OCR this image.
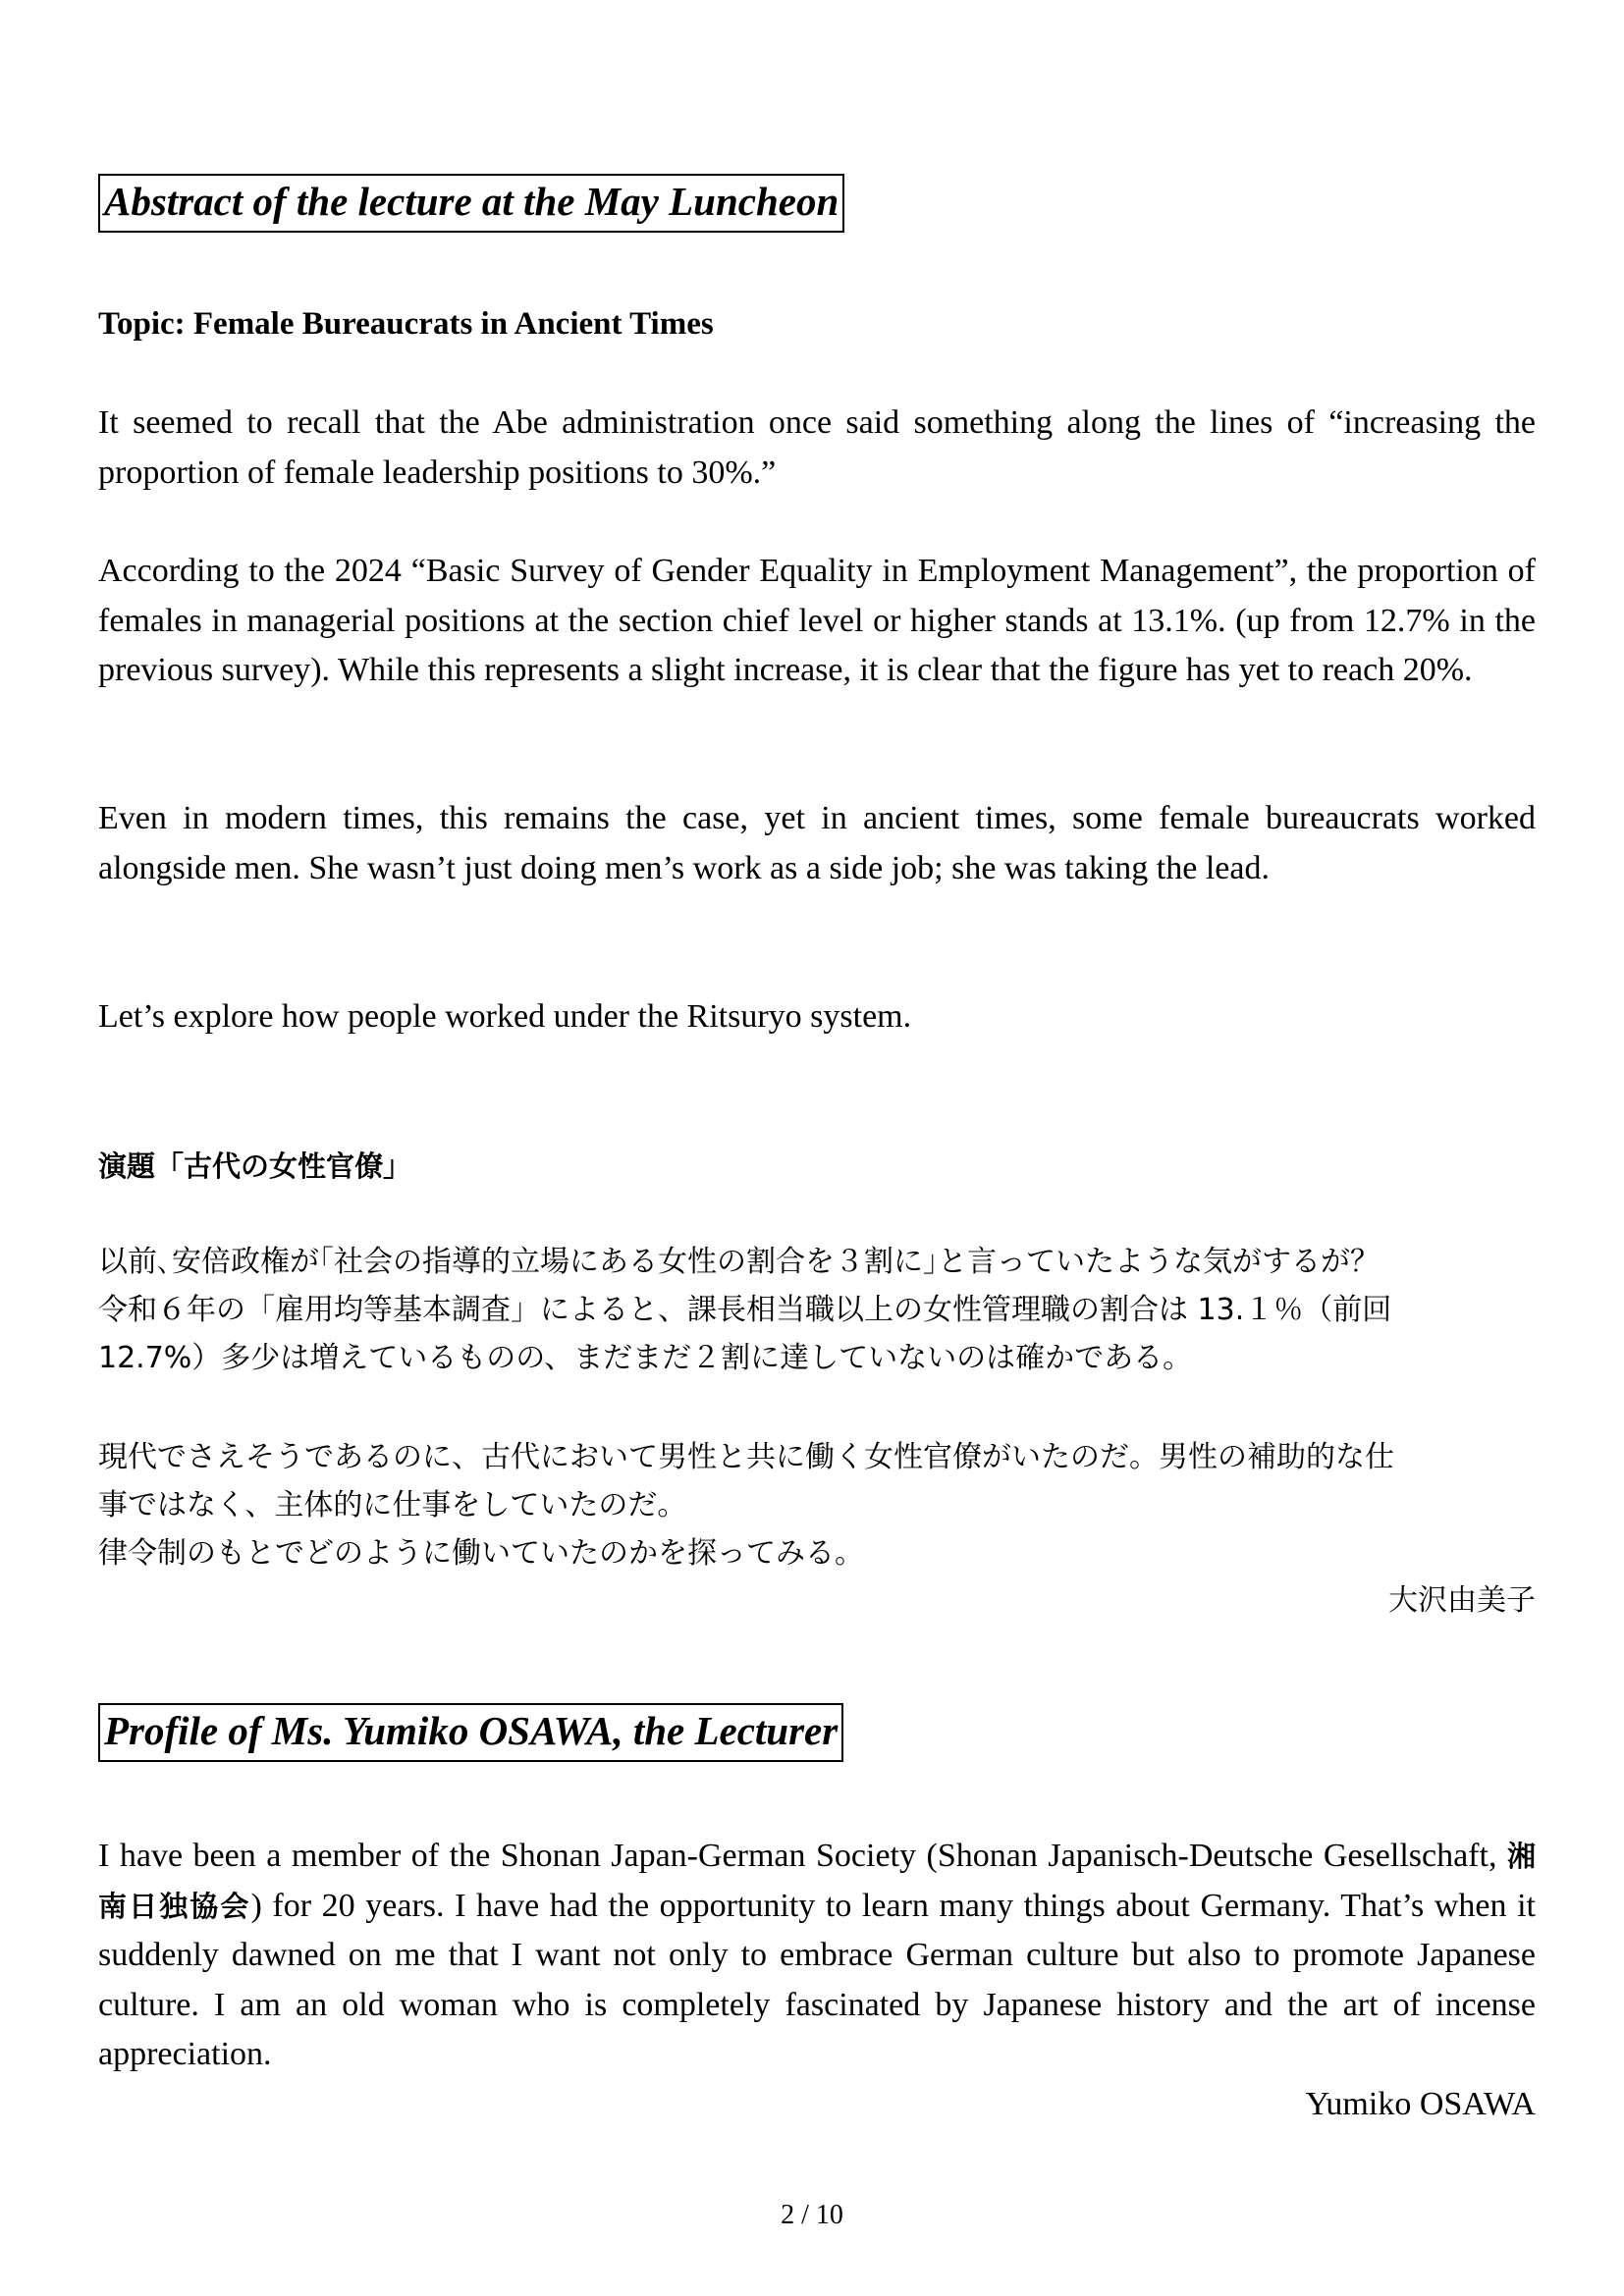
Abstract of the lecture at the May Luncheon
Topic: Female Bureaucrats in Ancient Times

It seemed to recall that the Abe administration once said something along the lines of “increasing the proportion of female leadership positions to 30%.”

According to the 2024 “Basic Survey of Gender Equality in Employment Management”, the proportion of females in managerial positions at the section chief level or higher stands at 13.1%. (up from 12.7% in the previous survey). While this represents a slight increase, it is clear that the figure has yet to reach 20%.

Even in modern times, this remains the case, yet in ancient times, some female bureaucrats worked alongside men. She wasn’t just doing men’s work as a side job; she was taking the lead.

Let’s explore how people worked under the Ritsuryo system.

演題「古代の女性官僚」
以前､安倍政権が｢社会の指導的立場にある女性の割合を３割に｣と言っていたような気がするが？
令和６年の「雇用均等基本調査」によると、課長相当職以上の女性管理職の割合は 13.１％（前回
12.7%）多少は増えているものの、まだまだ２割に達していないのは確かである。
現代でさえそうであるのに、古代において男性と共に働く女性官僚がいたのだ。男性の補助的な仕
事ではなく、主体的に仕事をしていたのだ。
律令制のもとでどのように働いていたのかを探ってみる。
大沢由美子
Profile of Ms. Yumiko OSAWA, the Lecturer

I have been a member of the Shonan Japan-German Society (Shonan Japanisch-Deutsche Gesellschaft, 湘南日独協会) for 20 years. I have had the opportunity to learn many things about Germany. That’s when it suddenly dawned on me that I want not only to embrace German culture but also to promote Japanese culture. I am an old woman who is completely fascinated by Japanese history and the art of incense appreciation.

Yumiko OSAWA
2 / 10
